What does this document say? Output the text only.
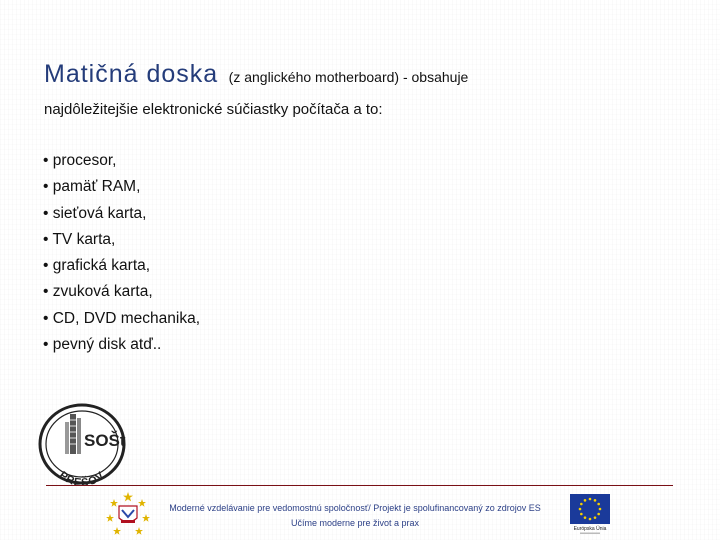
Matičná doska (z anglického motherboard) - obsahuje
najdôležitejšie elektronické súčiastky počítača a to:
• procesor,
• pamäť RAM,
• sieťová karta,
• TV karta,
• grafická karta,
• zvuková karta,
• CD, DVD mechanika,
• pevný disk atď..
SOŠt
PREŠOV
Moderné vzdelávanie pre vedomostnú spoločnosť/ Projekt je spolufinancovaný zo zdrojov ES
Učíme moderne pre život a prax
Európska Únia
